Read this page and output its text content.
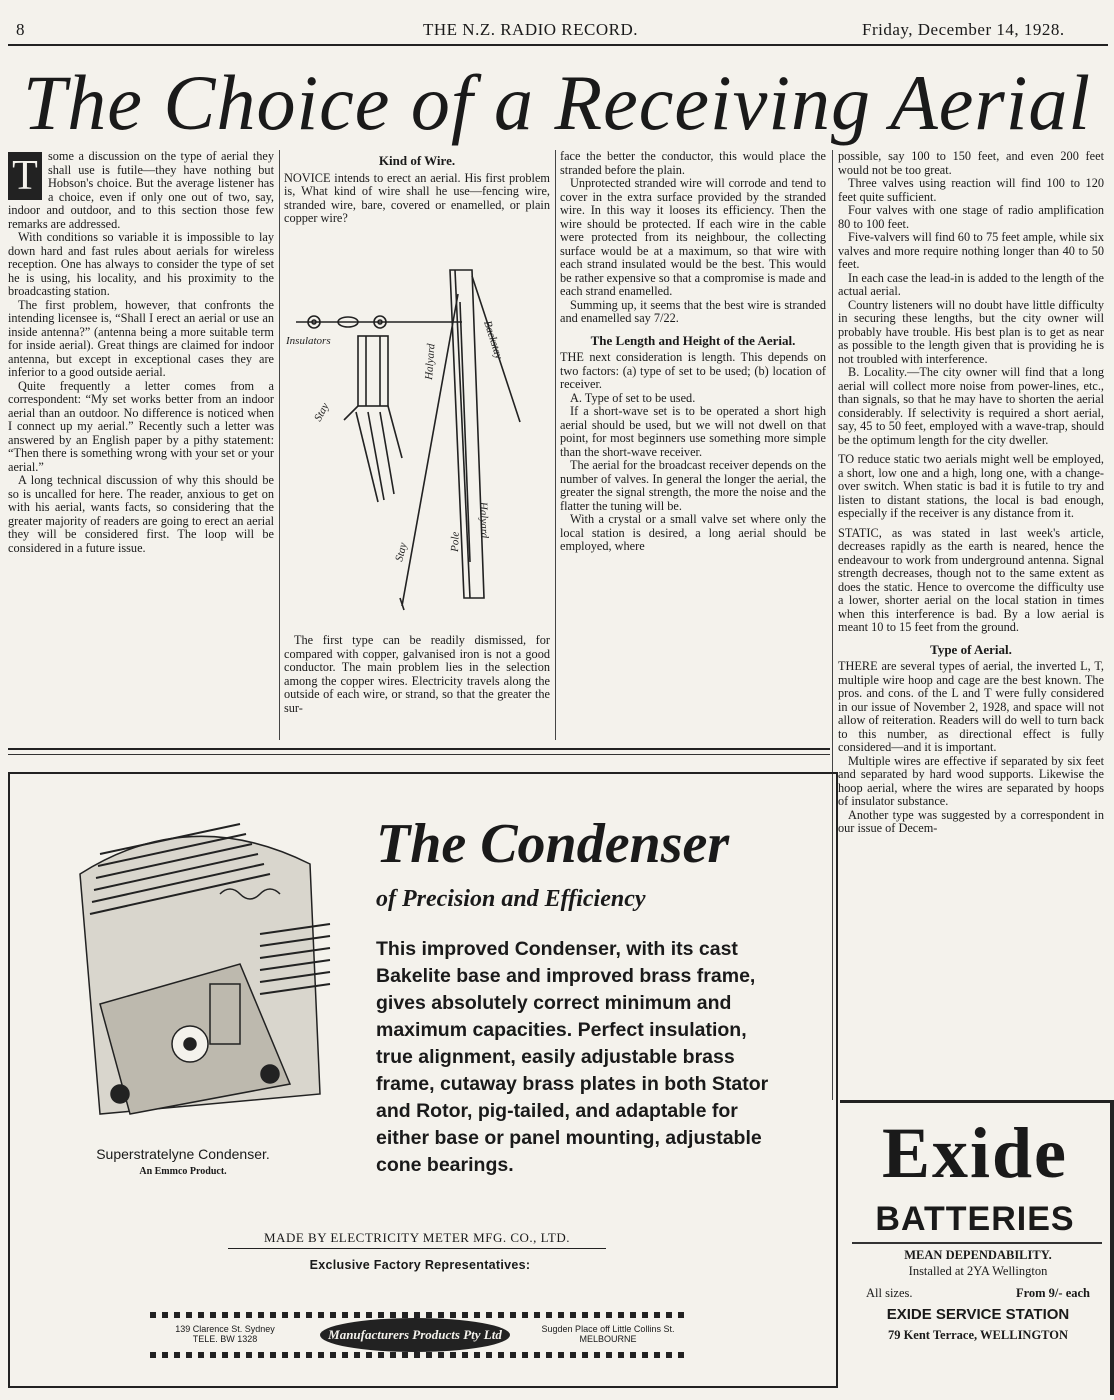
8	THE N.Z. RADIO RECORD.	Friday, December 14, 1928.
The Choice of a Receiving Aerial
T some a discussion on the type of aerial they shall use is futile—they have nothing but Hobson's choice. But the average listener has a choice, even if only one out of two, say, indoor and outdoor, and to this section those few remarks are addressed.

With conditions so variable it is impossible to lay down hard and fast rules about aerials for wireless reception. One has always to consider the type of set he is using, his locality, and his proximity to the broadcasting station.

The first problem, however, that confronts the intending licensee is, “Shall I erect an aerial or use an inside antenna?” (antenna being a more suitable term for inside aerial). Great things are claimed for indoor antenna, but except in exceptional cases they are inferior to a good outside aerial.

Quite frequently a letter comes from a correspondent: “My set works better from an indoor aerial than an outdoor. No difference is noticed when I connect up my aerial.” Recently such a letter was answered by an English paper by a pithy statement: “Then there is something wrong with your set or your aerial.”

A long technical discussion of why this should be so is uncalled for here. The reader, anxious to get on with his aerial, wants facts, so considering that the greater majority of readers are going to erect an aerial they will be considered first. The loop will be considered in a future issue.

Kind of Wire.

NOVICE intends to erect an aerial. His first problem is, What kind of wire shall he use—fencing wire, stranded wire, bare, covered or enamelled, or plain copper wire?

Insulators
Halyard
Backstay
Stay
Stay	Pole
Halyard

The first type can be readily dismissed, for compared with copper, galvanised iron is not a good conductor. The main problem lies in the selection among the copper wires. Electricity travels along the outside of each wire, or strand, so that the greater the sur-

face the better the conductor, this would place the stranded before the plain.

Unprotected stranded wire will corrode and tend to cover in the extra surface provided by the stranded wire. In this way it looses its efficiency. Then the wire should be protected. If each wire in the cable were protected from its neighbour, the collecting surface would be at a maximum, so that wire with each strand insulated would be the best. This would be rather expensive so that a compromise is made and each strand enamelled.

Summing up, it seems that the best wire is stranded and enamelled say 7/22.

The Length and Height of the Aerial.

THE next consideration is length. This depends on two factors: (a) type of set to be used; (b) location of receiver.

A. Type of set to be used.

If a short-wave set is to be operated a short high aerial should be used, but we will not dwell on that point, for most beginners use something more simple than the short-wave receiver.

The aerial for the broadcast receiver depends on the number of valves. In general the longer the aerial, the greater the signal strength, the more the noise and the flatter the tuning will be.

With a crystal or a small valve set where only the local station is desired, a long aerial should be employed, where

possible, say 100 to 150 feet, and even 200 feet would not be too great.

Three valves using reaction will find 100 to 120 feet quite sufficient.

Four valves with one stage of radio amplification 80 to 100 feet.

Five-valvers will find 60 to 75 feet ample, while six valves and more require nothing longer than 40 to 50 feet.

In each case the lead-in is added to the length of the actual aerial.

Country listeners will no doubt have little difficulty in securing these lengths, but the city owner will probably have trouble. His best plan is to get as near as possible to the length given that is providing he is not troubled with interference.

B. Locality.—The city owner will find that a long aerial will collect more noise from power-lines, etc., than signals, so that he may have to shorten the aerial considerably. If selectivity is required a short aerial, say, 45 to 50 feet, employed with a wave-trap, should be the optimum length for the city dweller.

TO reduce static two aerials might well be employed, a short, low one and a high, long one, with a change-over switch. When static is bad it is futile to try and listen to distant stations, the local is bad enough, especially if the receiver is any distance from it.

STATIC, as was stated in last week's article, decreases rapidly as the earth is neared, hence the endeavour to work from underground antenna. Signal strength decreases, though not to the same extent as does the static. Hence to overcome the difficulty use a lower, shorter aerial on the local station in times when this interference is bad. By a low aerial is meant 10 to 15 feet from the ground.

Type of Aerial.

THERE are several types of aerial, the inverted L, T, multiple wire hoop and cage are the best known. The pros. and cons. of the L and T were fully considered in our issue of November 2, 1928, and space will not allow of reiteration. Readers will do well to turn back to this number, as directional effect is fully considered—and it is important.

Multiple wires are effective if separated by six feet and separated by hard wood supports. Likewise the hoop aerial, where the wires are separated by hoops of insulator substance.

Another type was suggested by a correspondent in our issue of Decem-

Superstratelyne Condenser.
An Emmco Product.
The Condenser
of Precision and Efficiency
This improved Condenser, with its cast Bakelite base and improved brass frame, gives absolutely correct minimum and maximum capacities. Perfect insulation, true alignment, easily adjustable brass frame, cutaway brass plates in both Stator and Rotor, pig-tailed, and adaptable for either base or panel mounting, adjustable cone bearings.
MADE BY ELECTRICITY METER MFG. CO., LTD.
Exclusive Factory Representatives:
139 Clarence St. Sydney
TELE. BW 1328	Manufacturers Products Pty Ltd	Sugden Place off Little Collins St.
MELBOURNE
Exide
BATTERIES
MEAN DEPENDABILITY.
Installed at 2YA Wellington
All sizes.	From 9/- each
EXIDE SERVICE STATION
79 Kent Terrace, WELLINGTON
